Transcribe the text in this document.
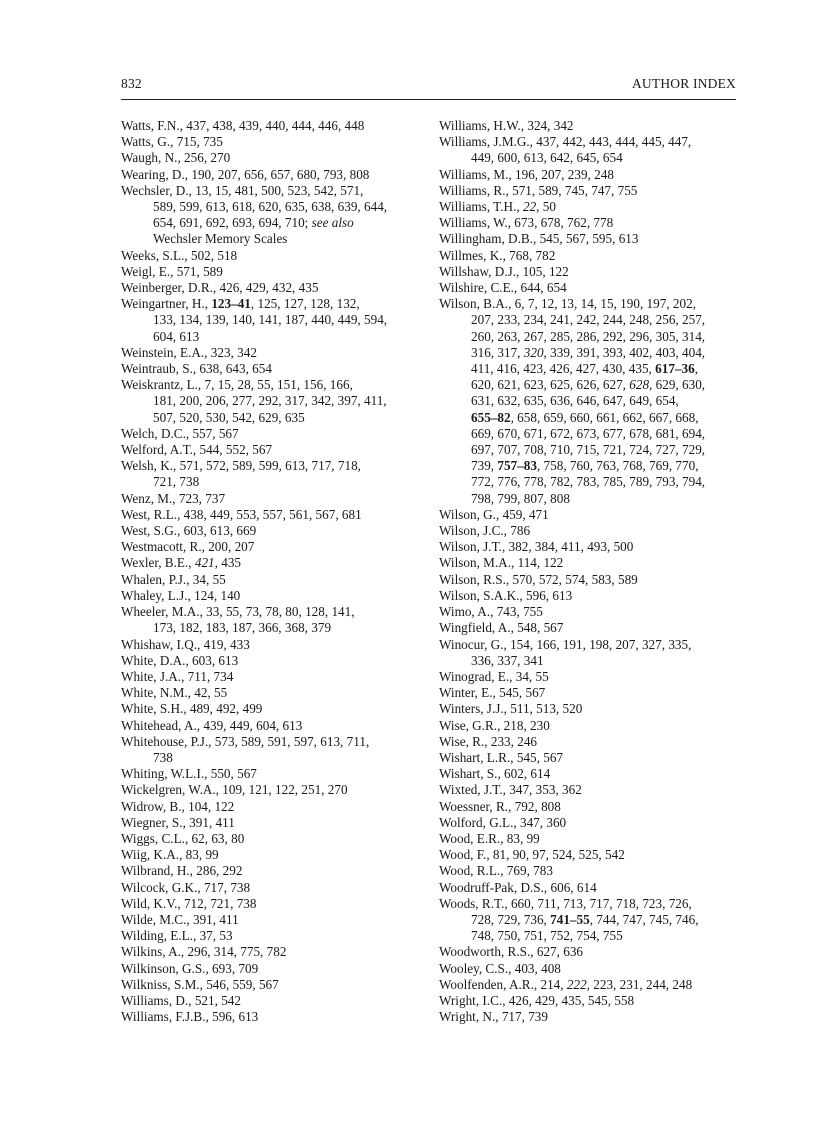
832	AUTHOR INDEX
Watts, F.N., 437, 438, 439, 440, 444, 446, 448
Watts, G., 715, 735
Waugh, N., 256, 270
Wearing, D., 190, 207, 656, 657, 680, 793, 808
Wechsler, D., 13, 15, 481, 500, 523, 542, 571,
589, 599, 613, 618, 620, 635, 638, 639, 644,
654, 691, 692, 693, 694, 710; see also
Wechsler Memory Scales
Weeks, S.L., 502, 518
Weigl, E., 571, 589
Weinberger, D.R., 426, 429, 432, 435
Weingartner, H., 123–41, 125, 127, 128, 132,
133, 134, 139, 140, 141, 187, 440, 449, 594,
604, 613
Weinstein, E.A., 323, 342
Weintraub, S., 638, 643, 654
Weiskrantz, L., 7, 15, 28, 55, 151, 156, 166,
181, 200, 206, 277, 292, 317, 342, 397, 411,
507, 520, 530, 542, 629, 635
Welch, D.C., 557, 567
Welford, A.T., 544, 552, 567
Welsh, K., 571, 572, 589, 599, 613, 717, 718,
721, 738
Wenz, M., 723, 737
West, R.L., 438, 449, 553, 557, 561, 567, 681
West, S.G., 603, 613, 669
Westmacott, R., 200, 207
Wexler, B.E., 421, 435
Whalen, P.J., 34, 55
Whaley, L.J., 124, 140
Wheeler, M.A., 33, 55, 73, 78, 80, 128, 141,
173, 182, 183, 187, 366, 368, 379
Whishaw, I.Q., 419, 433
White, D.A., 603, 613
White, J.A., 711, 734
White, N.M., 42, 55
White, S.H., 489, 492, 499
Whitehead, A., 439, 449, 604, 613
Whitehouse, P.J., 573, 589, 591, 597, 613, 711,
738
Whiting, W.L.I., 550, 567
Wickelgren, W.A., 109, 121, 122, 251, 270
Widrow, B., 104, 122
Wiegner, S., 391, 411
Wiggs, C.L., 62, 63, 80
Wiig, K.A., 83, 99
Wilbrand, H., 286, 292
Wilcock, G.K., 717, 738
Wild, K.V., 712, 721, 738
Wilde, M.C., 391, 411
Wilding, E.L., 37, 53
Wilkins, A., 296, 314, 775, 782
Wilkinson, G.S., 693, 709
Wilkniss, S.M., 546, 559, 567
Williams, D., 521, 542
Williams, F.J.B., 596, 613
Williams, H.W., 324, 342
Williams, J.M.G., 437, 442, 443, 444, 445, 447,
449, 600, 613, 642, 645, 654
Williams, M., 196, 207, 239, 248
Williams, R., 571, 589, 745, 747, 755
Williams, T.H., 22, 50
Williams, W., 673, 678, 762, 778
Willingham, D.B., 545, 567, 595, 613
Willmes, K., 768, 782
Willshaw, D.J., 105, 122
Wilshire, C.E., 644, 654
Wilson, B.A., 6, 7, 12, 13, 14, 15, 190, 197, 202,
207, 233, 234, 241, 242, 244, 248, 256, 257,
260, 263, 267, 285, 286, 292, 296, 305, 314,
316, 317, 320, 339, 391, 393, 402, 403, 404,
411, 416, 423, 426, 427, 430, 435, 617–36,
620, 621, 623, 625, 626, 627, 628, 629, 630,
631, 632, 635, 636, 646, 647, 649, 654,
655–82, 658, 659, 660, 661, 662, 667, 668,
669, 670, 671, 672, 673, 677, 678, 681, 694,
697, 707, 708, 710, 715, 721, 724, 727, 729,
739, 757–83, 758, 760, 763, 768, 769, 770,
772, 776, 778, 782, 783, 785, 789, 793, 794,
798, 799, 807, 808
Wilson, G., 459, 471
Wilson, J.C., 786
Wilson, J.T., 382, 384, 411, 493, 500
Wilson, M.A., 114, 122
Wilson, R.S., 570, 572, 574, 583, 589
Wilson, S.A.K., 596, 613
Wimo, A., 743, 755
Wingfield, A., 548, 567
Winocur, G., 154, 166, 191, 198, 207, 327, 335,
336, 337, 341
Winograd, E., 34, 55
Winter, E., 545, 567
Winters, J.J., 511, 513, 520
Wise, G.R., 218, 230
Wise, R., 233, 246
Wishart, L.R., 545, 567
Wishart, S., 602, 614
Wixted, J.T., 347, 353, 362
Woessner, R., 792, 808
Wolford, G.L., 347, 360
Wood, E.R., 83, 99
Wood, F., 81, 90, 97, 524, 525, 542
Wood, R.L., 769, 783
Woodruff-Pak, D.S., 606, 614
Woods, R.T., 660, 711, 713, 717, 718, 723, 726,
728, 729, 736, 741–55, 744, 747, 745, 746,
748, 750, 751, 752, 754, 755
Woodworth, R.S., 627, 636
Wooley, C.S., 403, 408
Woolfenden, A.R., 214, 222, 223, 231, 244, 248
Wright, I.C., 426, 429, 435, 545, 558
Wright, N., 717, 739
